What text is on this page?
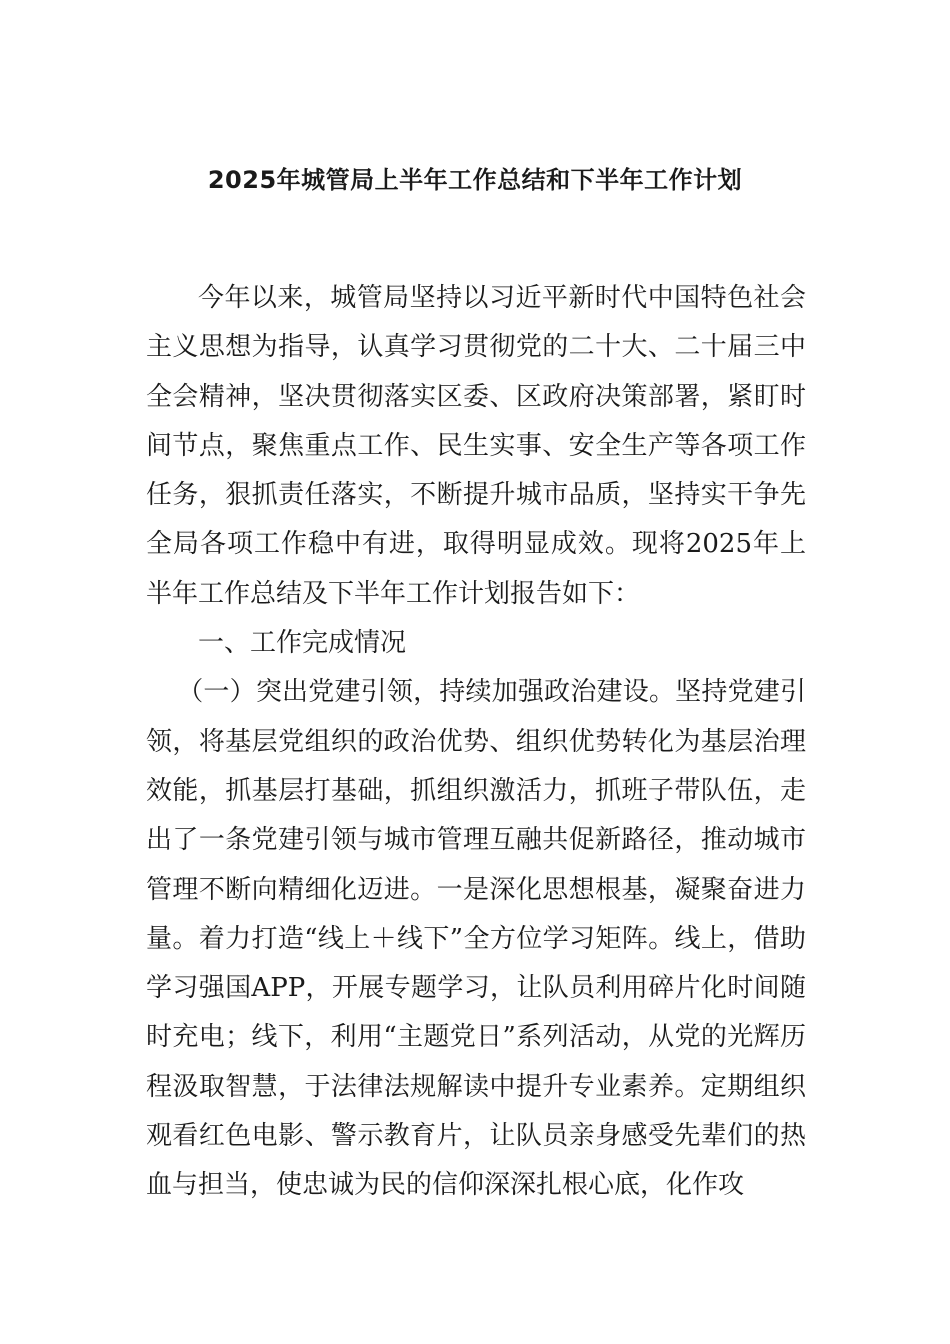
2025年城管局上半年工作总结和下半年工作计划

今年以来，城管局坚持以习近平新时代中国特色社会主义思想为指导，认真学习贯彻党的二十大、二十届三中全会精神，坚决贯彻落实区委、区政府决策部署，紧盯时间节点，聚焦重点工作、民生实事、安全生产等各项工作任务，狠抓责任落实，不断提升城市品质，坚持实干争先全局各项工作稳中有进，取得明显成效。现将2025年上半年工作总结及下半年工作计划报告如下：

一、工作完成情况

（一）突出党建引领，持续加强政治建设。坚持党建引领，将基层党组织的政治优势、组织优势转化为基层治理效能，抓基层打基础，抓组织激活力，抓班子带队伍，走出了一条党建引领与城市管理互融共促新路径，推动城市管理不断向精细化迈进。一是深化思想根基，凝聚奋进力量。着力打造“线上＋线下”全方位学习矩阵。线上，借助学习强国APP，开展专题学习，让队员利用碎片化时间随时充电；线下，利用“主题党日”系列活动，从党的光辉历程汲取智慧，于法律法规解读中提升专业素养。定期组织观看红色电影、警示教育片，让队员亲身感受先辈们的热血与担当，使忠诚为民的信仰深深扎根心底，化作攻
